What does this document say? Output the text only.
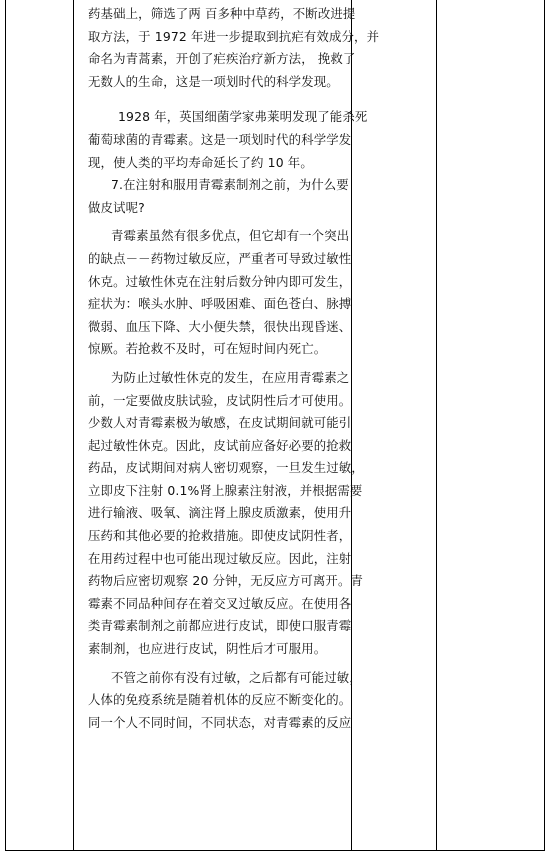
药基础上，筛选了两 百多种中草药，不断改进提
取方法，于 1972 年进一步提取到抗疟有效成分，并
命名为青蒿素，开创了疟疾治疗新方法， 挽救了
无数人的生命，这是一项划时代的科学发现。
1928 年，英国细菌学家弗莱明发现了能杀死
葡萄球菌的青霉素。这是一项划时代的科学学发
现，使人类的平均寿命延长了约 10 年。
7.在注射和服用青霉素制剂之前，为什么要
做皮试呢?
青霉素虽然有很多优点，但它却有一个突出
的缺点－－药物过敏反应，严重者可导致过敏性
休克。过敏性休克在注射后数分钟内即可发生，
症状为：喉头水肿、呼吸困难、面色苍白、脉搏
微弱、血压下降、大小便失禁，很快出现昏迷、
惊厥。若抢救不及时，可在短时间内死亡。
为防止过敏性休克的发生，在应用青霉素之
前，一定要做皮肤试验，皮试阴性后才可使用。
少数人对青霉素极为敏感，在皮试期间就可能引
起过敏性休克。因此，皮试前应备好必要的抢救
药品，皮试期间对病人密切观察，一旦发生过敏，
立即皮下注射 0.1%肾上腺素注射液，并根据需要
进行输液、吸氧、滴注肾上腺皮质激素，使用升
压药和其他必要的抢救措施。即使皮试阴性者，
在用药过程中也可能出现过敏反应。因此，注射
药物后应密切观察 20 分钟，无反应方可离开。青
霉素不同品种间存在着交叉过敏反应。在使用各
类青霉素制剂之前都应进行皮试，即使口服青霉
素制剂，也应进行皮试，阴性后才可服用。
不管之前你有没有过敏，之后都有可能过敏，
人体的免疫系统是随着机体的反应不断变化的。
同一个人不同时间，不同状态，对青霉素的反应
